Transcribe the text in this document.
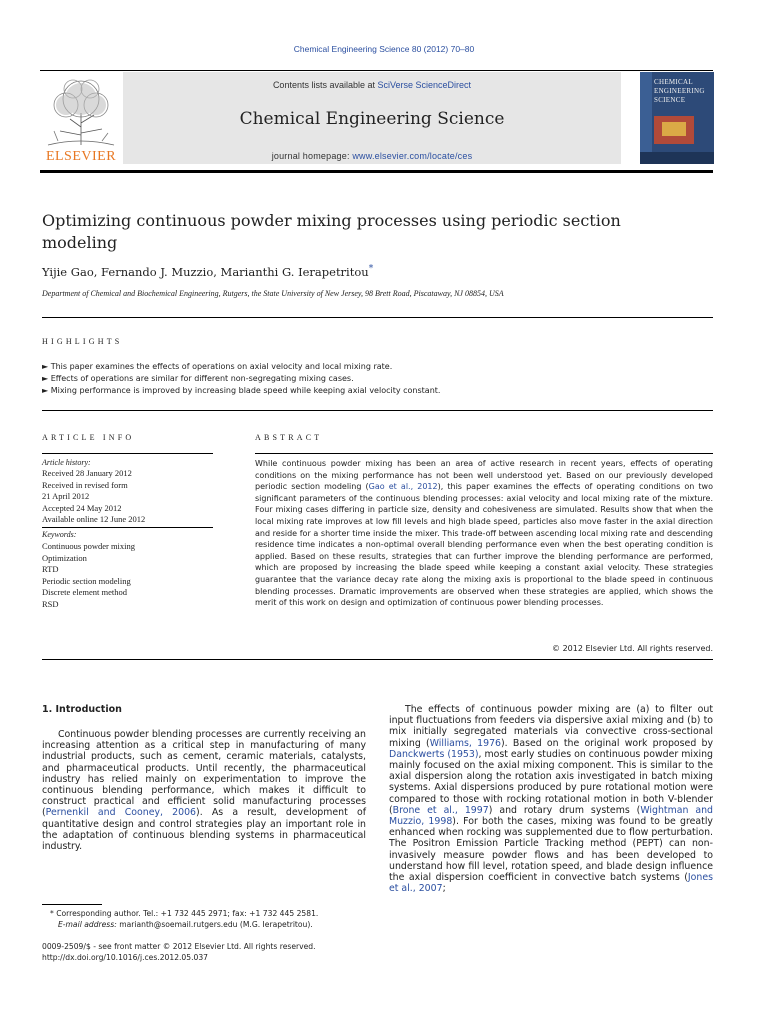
Chemical Engineering Science 80 (2012) 70–80
ELSEVIER
Contents lists available at SciVerse ScienceDirect
Chemical Engineering Science
journal homepage: www.elsevier.com/locate/ces
CHEMICAL ENGINEERING SCIENCE
Optimizing continuous powder mixing processes using periodic section modeling
Yijie Gao, Fernando J. Muzzio, Marianthi G. Ierapetritou*
Department of Chemical and Biochemical Engineering, Rutgers, the State University of New Jersey, 98 Brett Road, Piscataway, NJ 08854, USA
HIGHLIGHTS
► This paper examines the effects of operations on axial velocity and local mixing rate.
► Effects of operations are similar for different non-segregating mixing cases.
► Mixing performance is improved by increasing blade speed while keeping axial velocity constant.
ARTICLE INFO
Article history:
Received 28 January 2012
Received in revised form
21 April 2012
Accepted 24 May 2012
Available online 12 June 2012
Keywords:
Continuous powder mixing
Optimization
RTD
Periodic section modeling
Discrete element method
RSD
ABSTRACT
While continuous powder mixing has been an area of active research in recent years, effects of operating conditions on the mixing performance has not been well understood yet. Based on our previously developed periodic section modeling (Gao et al., 2012), this paper examines the effects of operating conditions on two significant parameters of the continuous blending processes: axial velocity and local mixing rate of the mixture. Four mixing cases differing in particle size, density and cohesiveness are simulated. Results show that when the local mixing rate improves at low fill levels and high blade speed, particles also move faster in the axial direction and reside for a shorter time inside the mixer. This trade-off between ascending local mixing rate and descending residence time indicates a non-optimal overall blending performance even when the best operating condition is applied. Based on these results, strategies that can further improve the blending performance are performed, which are proposed by increasing the blade speed while keeping a constant axial velocity. These strategies guarantee that the variance decay rate along the mixing axis is proportional to the blade speed in continuous blending processes. Dramatic improvements are observed when these strategies are applied, which shows the merit of this work on design and optimization of continuous power blending processes.
© 2012 Elsevier Ltd. All rights reserved.
1. Introduction
Continuous powder blending processes are currently receiving an increasing attention as a critical step in manufacturing of many industrial products, such as cement, ceramic materials, catalysts, and pharmaceutical products. Until recently, the pharmaceutical industry has relied mainly on experimentation to improve the continuous blending performance, which makes it difficult to construct practical and efficient solid manufacturing processes (Pernenkil and Cooney, 2006). As a result, development of quantitative design and control strategies play an important role in the adaptation of continuous blending systems in pharmaceutical industry.
The effects of continuous powder mixing are (a) to filter out input fluctuations from feeders via dispersive axial mixing and (b) to mix initially segregated materials via convective cross-sectional mixing (Williams, 1976). Based on the original work proposed by Danckwerts (1953), most early studies on continuous powder mixing mainly focused on the axial mixing component. This is similar to the axial dispersion along the rotation axis investigated in batch mixing systems. Axial dispersions produced by pure rotational motion were compared to those with rocking rotational motion in both V-blender (Brone et al., 1997) and rotary drum systems (Wightman and Muzzio, 1998). For both the cases, mixing was found to be greatly enhanced when rocking was supplemented due to flow perturbation. The Positron Emission Particle Tracking method (PEPT) can non-invasively measure powder flows and has been developed to understand how fill level, rotation speed, and blade design influence the axial dispersion coefficient in convective batch systems (Jones et al., 2007;
* Corresponding author. Tel.: +1 732 445 2971; fax: +1 732 445 2581.
E-mail address: marianth@soemail.rutgers.edu (M.G. Ierapetritou).
0009-2509/$ - see front matter © 2012 Elsevier Ltd. All rights reserved.
http://dx.doi.org/10.1016/j.ces.2012.05.037
